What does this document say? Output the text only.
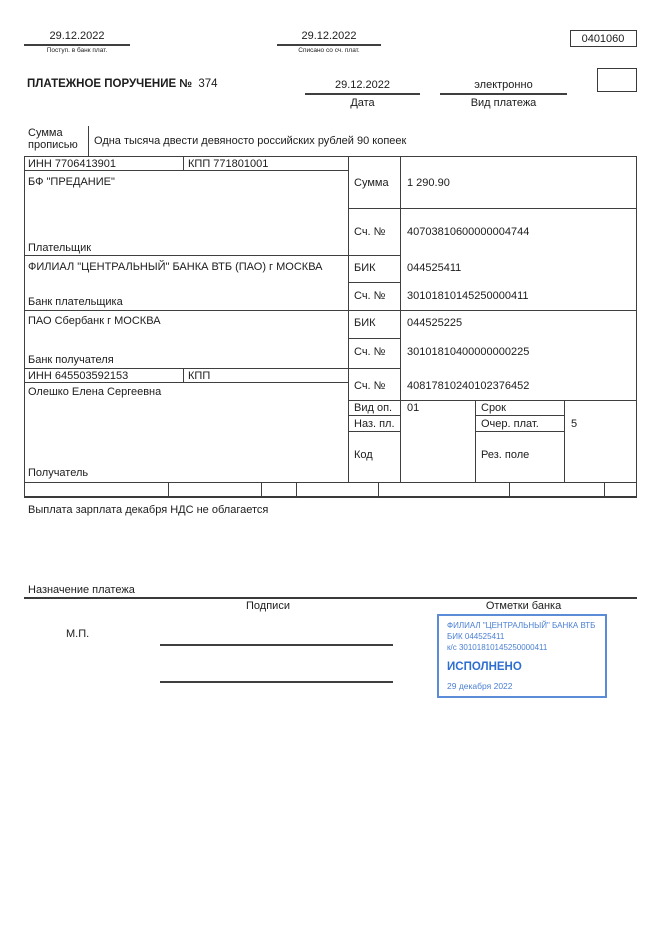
29.12.2022
Поступ. в банк плат.
29.12.2022
Списано со сч. плат.
0401060
ПЛАТЕЖНОЕ ПОРУЧЕНИЕ № 374	29.12.2022
Дата
электронно
Вид платежа
Сумма прописью	Одна тысяча двести девяносто российских рублей 90 копеек
ИНН 7706413901	КПП 771801001
БФ "ПРЕДАНИЕ"
Плательщик
Сумма 1 290.90
Сч. № 40703810600000004744
ФИЛИАЛ "ЦЕНТРАЛЬНЫЙ" БАНКА ВТБ (ПАО) г МОСКВА
Банк плательщика
БИК	044525411
Сч. № 30101810145250000411
ПАО Сбербанк г МОСКВА
Банк получателя
БИК	044525225
Сч. № 30101810400000000225
ИНН 645503592153	КПП
Олешко Елена Сергеевна
Получатель
Сч. № 40817810240102376452
Вид оп. 01	Срок
Наз. пл.	Очер. плат.	5
Код	Рез. поле
Выплата зарплата декабря НДС не облагается
Назначение платежа
Подписи	Отметки банка
М.П.
ФИЛИАЛ "ЦЕНТРАЛЬНЫЙ" БАНКА ВТБ
БИК 044525411
к/с 30101810145250000411
ИСПОЛНЕНО
29 декабря 2022
